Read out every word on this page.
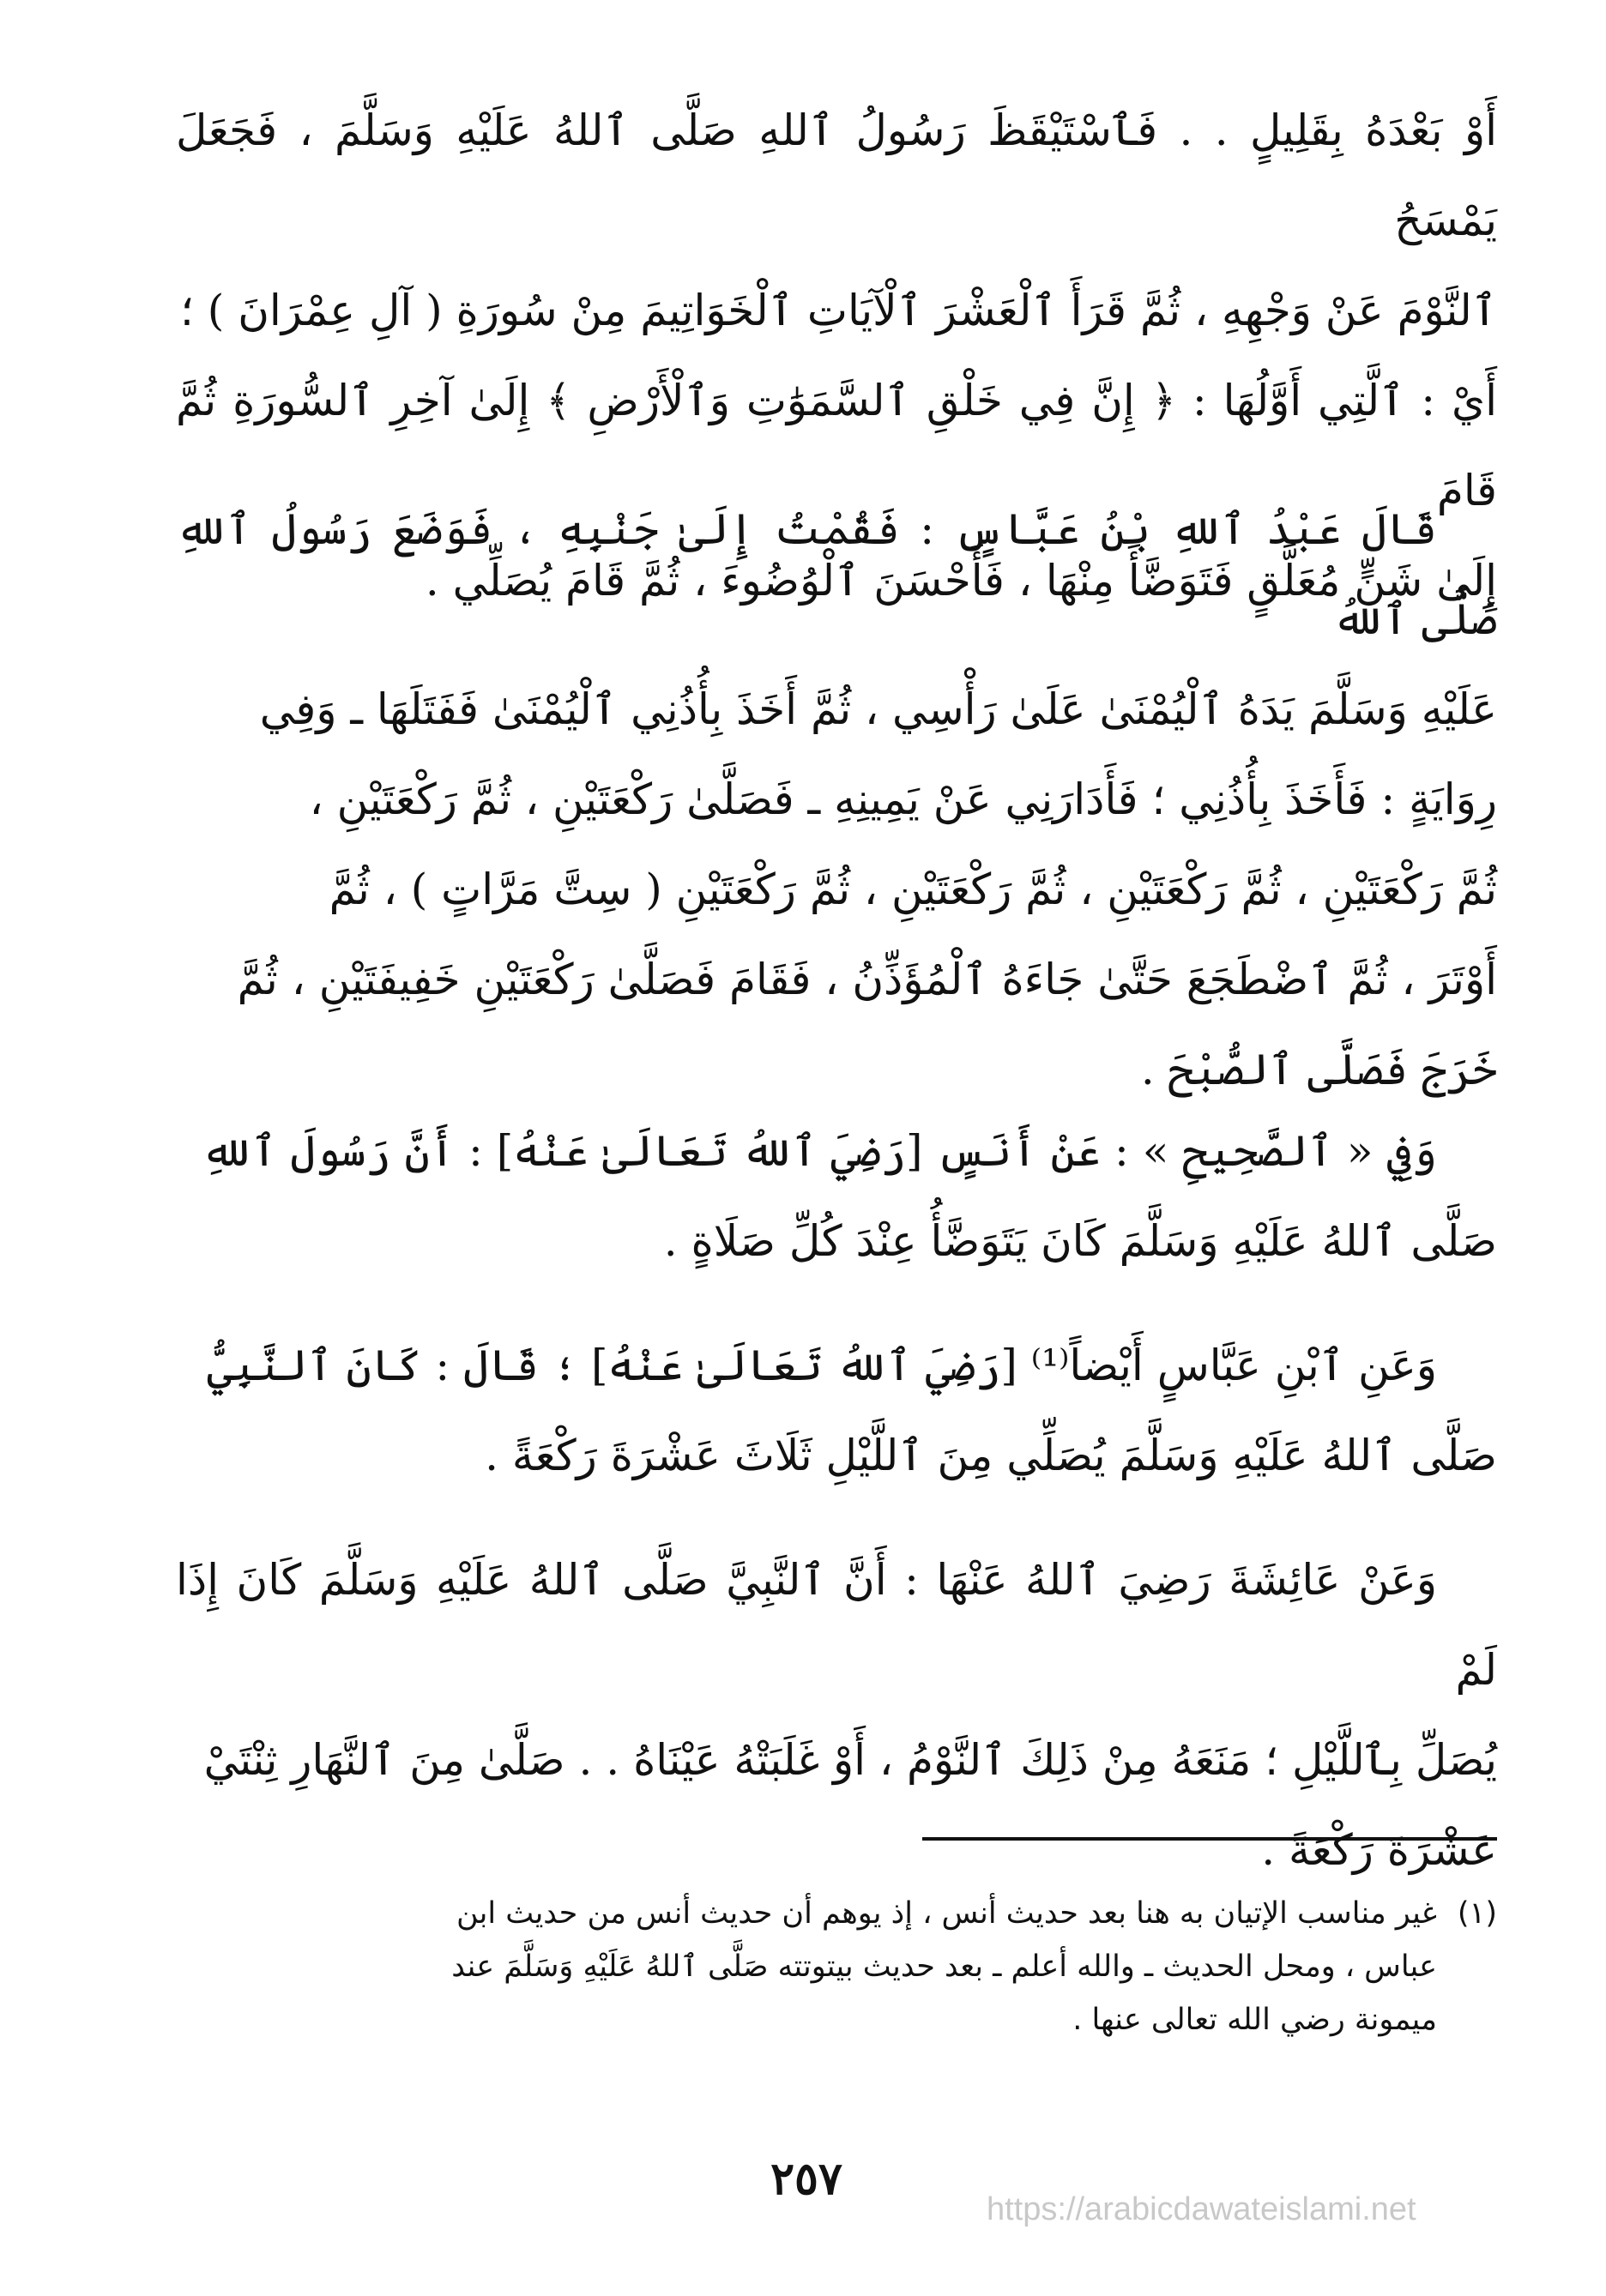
أَوْ بَعْدَهُ بِقَلِيلٍ . . فَٱسْتَيْقَظَ رَسُولُ ٱللهِ صَلَّى ٱللهُ عَلَيْهِ وَسَلَّمَ ، فَجَعَلَ يَمْسَحُ

ٱلنَّوْمَ عَنْ وَجْهِهِ ، ثُمَّ قَرَأَ ٱلْعَشْرَ ٱلْآيَاتِ ٱلْخَوَاتِيمَ مِنْ سُورَةِ ( آلِ عِمْرَانَ ) ؛

أَيْ : ٱلَّتِي أَوَّلُهَا : ﴿ إِنَّ فِي خَلْقِ ٱلسَّمَوَٰتِ وَٱلْأَرْضِ ﴾ إِلَىٰ آخِرِ ٱلسُّورَةِ ثُمَّ قَامَ

إِلَىٰ شَنٍّ مُعَلَّقٍ فَتَوَضَّأَ مِنْهَا ، فَأَحْسَنَ ٱلْوُضُوءَ ، ثُمَّ قَامَ يُصَلِّي .

قَالَ عَبْدُ ٱللهِ بْنُ عَبَّاسٍ : فَقُمْتُ إِلَىٰ جَنْبِهِ ، فَوَضَعَ رَسُولُ ٱللهِ صَلَّى ٱللهُ

عَلَيْهِ وَسَلَّمَ يَدَهُ ٱلْيُمْنَىٰ عَلَىٰ رَأْسِي ، ثُمَّ أَخَذَ بِأُذُنِي ٱلْيُمْنَىٰ فَفَتَلَهَا ـ وَفِي

رِوَايَةٍ : فَأَخَذَ بِأُذُنِي ؛ فَأَدَارَنِي عَنْ يَمِينِهِ ـ فَصَلَّىٰ رَكْعَتَيْنِ ، ثُمَّ رَكْعَتَيْنِ ،

ثُمَّ رَكْعَتَيْنِ ، ثُمَّ رَكْعَتَيْنِ ، ثُمَّ رَكْعَتَيْنِ ، ثُمَّ رَكْعَتَيْنِ ( سِتَّ مَرَّاتٍ ) ، ثُمَّ

أَوْتَرَ ، ثُمَّ ٱضْطَجَعَ حَتَّىٰ جَاءَهُ ٱلْمُؤَذِّنُ ، فَقَامَ فَصَلَّىٰ رَكْعَتَيْنِ خَفِيفَتَيْنِ ، ثُمَّ

خَرَجَ فَصَلَّى ٱلصُّبْحَ .

وَفِي « ٱلصَّحِيحِ » : عَنْ أَنَسٍ [رَضِيَ ٱللهُ تَعَالَىٰ عَنْهُ] : أَنَّ رَسُولَ ٱللهِ

صَلَّى ٱللهُ عَلَيْهِ وَسَلَّمَ كَانَ يَتَوَضَّأُ عِنْدَ كُلِّ صَلَاةٍ .

وَعَنِ ٱبْنِ عَبَّاسٍ أَيْضاً⁽¹⁾ [رَضِيَ ٱللهُ تَعَالَىٰ عَنْهُ] ؛ قَالَ : كَانَ ٱلنَّبِيُّ

صَلَّى ٱللهُ عَلَيْهِ وَسَلَّمَ يُصَلِّي مِنَ ٱللَّيْلِ ثَلَاثَ عَشْرَةَ رَكْعَةً .

وَعَنْ عَائِشَةَ رَضِيَ ٱللهُ عَنْهَا : أَنَّ ٱلنَّبِيَّ صَلَّى ٱللهُ عَلَيْهِ وَسَلَّمَ كَانَ إِذَا لَمْ

يُصَلِّ بِٱللَّيْلِ ؛ مَنَعَهُ مِنْ ذَلِكَ ٱلنَّوْمُ ، أَوْ غَلَبَتْهُ عَيْنَاهُ . . صَلَّىٰ مِنَ ٱلنَّهَارِ ثِنْتَيْ

عَشْرَةَ رَكْعَةً .

(١)غير مناسب الإتيان به هنا بعد حديث أنس ، إذ يوهم أن حديث أنس من حديث ابن
عباس ، ومحل الحديث ـ والله أعلم ـ بعد حديث بيتوتته صَلَّى ٱللهُ عَلَيْهِ وَسَلَّمَ عند
ميمونة رضي الله تعالى عنها .
٢٥٧
https://arabicdawateislami.net
